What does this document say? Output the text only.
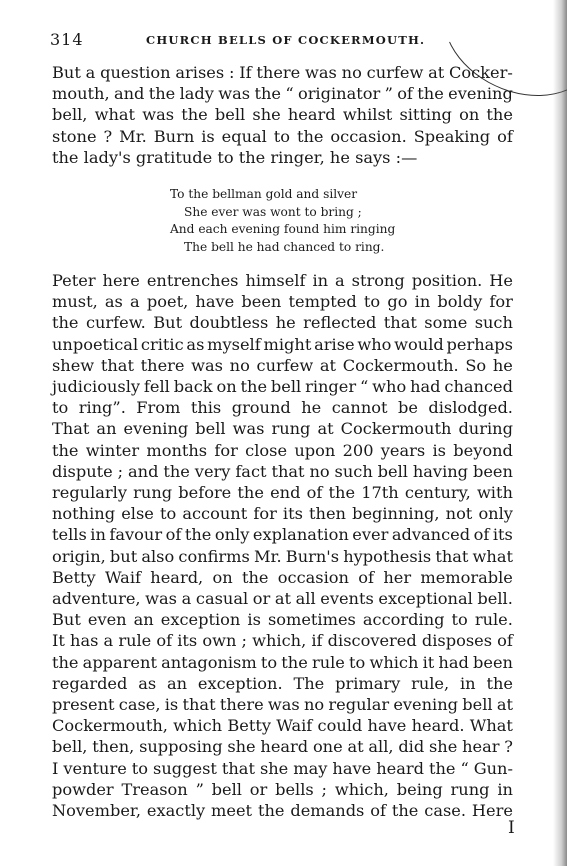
314	CHURCH BELLS OF COCKERMOUTH.
But a question arises : If there was no curfew at Cocker-
mouth, and the lady was the “ originator ” of the evening
bell, what was the bell she heard whilst sitting on the
stone ? Mr. Burn is equal to the occasion. Speaking of
the lady's gratitude to the ringer, he says :—
To the bellman gold and silver
She ever was wont to bring ;
And each evening found him ringing
The bell he had chanced to ring.
Peter here entrenches himself in a strong position. He
must, as a poet, have been tempted to go in boldy for
the curfew. But doubtless he reflected that some such
unpoetical critic as myself might arise who would perhaps
shew that there was no curfew at Cockermouth. So he
judiciously fell back on the bell ringer “ who had chanced
to ring”. From this ground he cannot be dislodged.
That an evening bell was rung at Cockermouth during
the winter months for close upon 200 years is beyond
dispute ; and the very fact that no such bell having been
regularly rung before the end of the 17th century, with
nothing else to account for its then beginning, not only
tells in favour of the only explanation ever advanced of its
origin, but also confirms Mr. Burn's hypothesis that what
Betty Waif heard, on the occasion of her memorable
adventure, was a casual or at all events exceptional bell.
But even an exception is sometimes according to rule.
It has a rule of its own ; which, if discovered disposes of
the apparent antagonism to the rule to which it had been
regarded as an exception. The primary rule, in the
present case, is that there was no regular evening bell at
Cockermouth, which Betty Waif could have heard. What
bell, then, supposing she heard one at all, did she hear ?
I venture to suggest that she may have heard the “ Gun-
powder Treason ” bell or bells ; which, being rung in
November, exactly meet the demands of the case. Here
I
